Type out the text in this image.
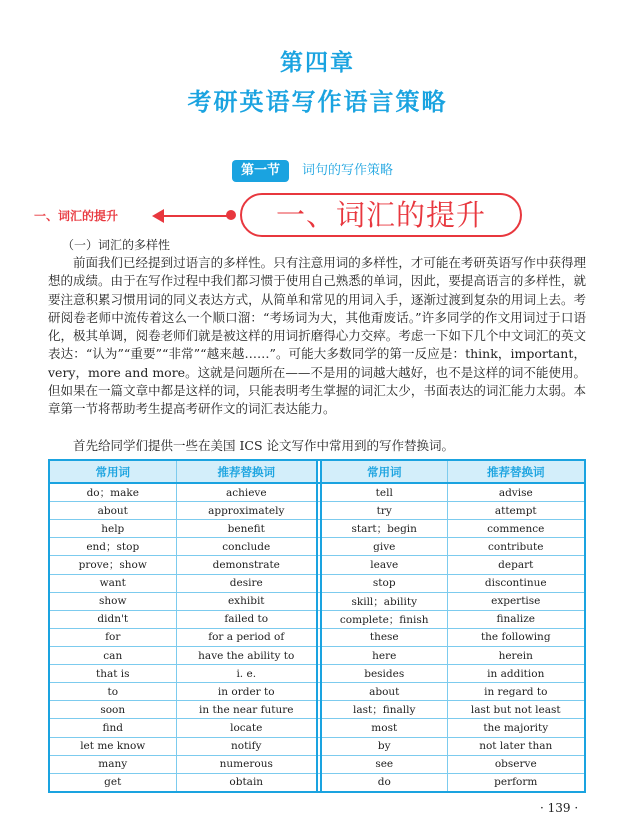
第四章
考研英语写作语言策略
第一节	词句的写作策略
一、词汇的提升	一、词汇的提升
（一）词汇的多样性

前面我们已经提到过语言的多样性。只有注意用词的多样性，才可能在考研英语写作中获得理想的成绩。由于在写作过程中我们都习惯于使用自己熟悉的单词，因此，要提高语言的多样性，就要注意积累习惯用词的同义表达方式，从简单和常见的用词入手，逐渐过渡到复杂的用词上去。考研阅卷老师中流传着这么一个顺口溜：“考场词为大，其他甭废话。”许多同学的作文用词过于口语化，极其单调，阅卷老师们就是被这样的用词折磨得心力交瘁。考虑一下如下几个中文词汇的英文表达：“认为”“重要”“非常”“越来越……”。可能大多数同学的第一反应是：think，important，very，more and more。这就是问题所在——不是用的词越大越好，也不是这样的词不能使用。但如果在一篇文章中都是这样的词，只能表明考生掌握的词汇太少，书面表达的词汇能力太弱。本章第一节将帮助考生提高考研作文的词汇表达能力。

首先给同学们提供一些在美国 ICS 论文写作中常用到的写作替换词。

常用词	推荐替换词		常用词	推荐替换词
do；make	achieve		tell	advise
about	approximately		try	attempt
help	benefit		start；begin	commence
end；stop	conclude		give	contribute
prove；show	demonstrate		leave	depart
want	desire		stop	discontinue
show	exhibit		skill；ability	expertise
didn't	failed to		complete；finish	finalize
for	for a period of		these	the following
can	have the ability to		here	herein
that is	i. e.		besides	in addition
to	in order to		about	in regard to
soon	in the near future		last；finally	last but not least
find	locate		most	the majority
let me know	notify		by	not later than
many	numerous		see	observe
get	obtain		do	perform
· 139 ·
